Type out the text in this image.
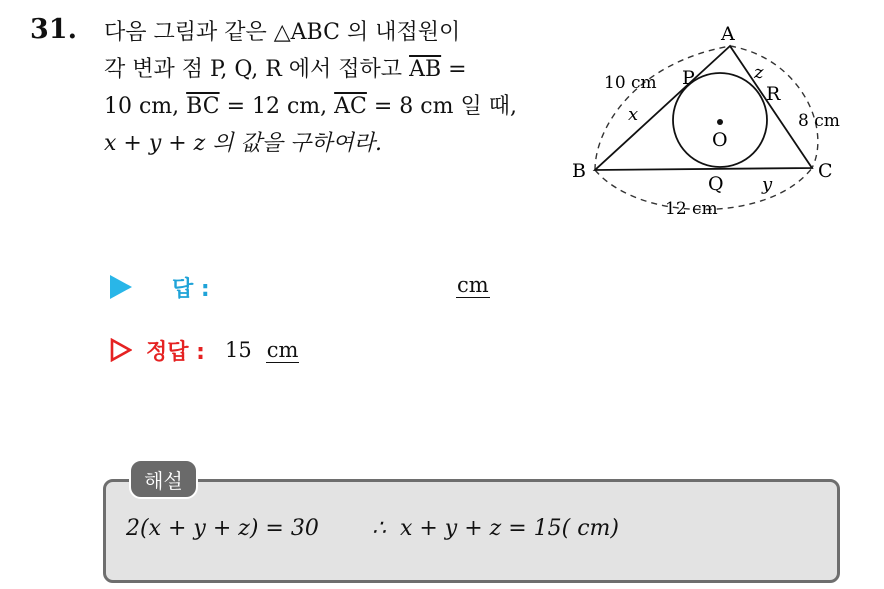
31. 다음 그림과 같은 △ABC 의 내접원이
각 변과 점 P, Q, R 에서 접하고 $\overline{AB}$ =
10 cm, $\overline{BC} = 12$ cm, $\overline{AC} = 8$ cm 일 때,
x + y + z 의 값을 구하여라.
A
B	C
P
Q
R
O
10 cm
8 cm
12 cm
x
y
z
답 :	cm
정답 : 15 cm
해설
2(x + y + z) = 30 ∴  x + y + z = 15( cm)
